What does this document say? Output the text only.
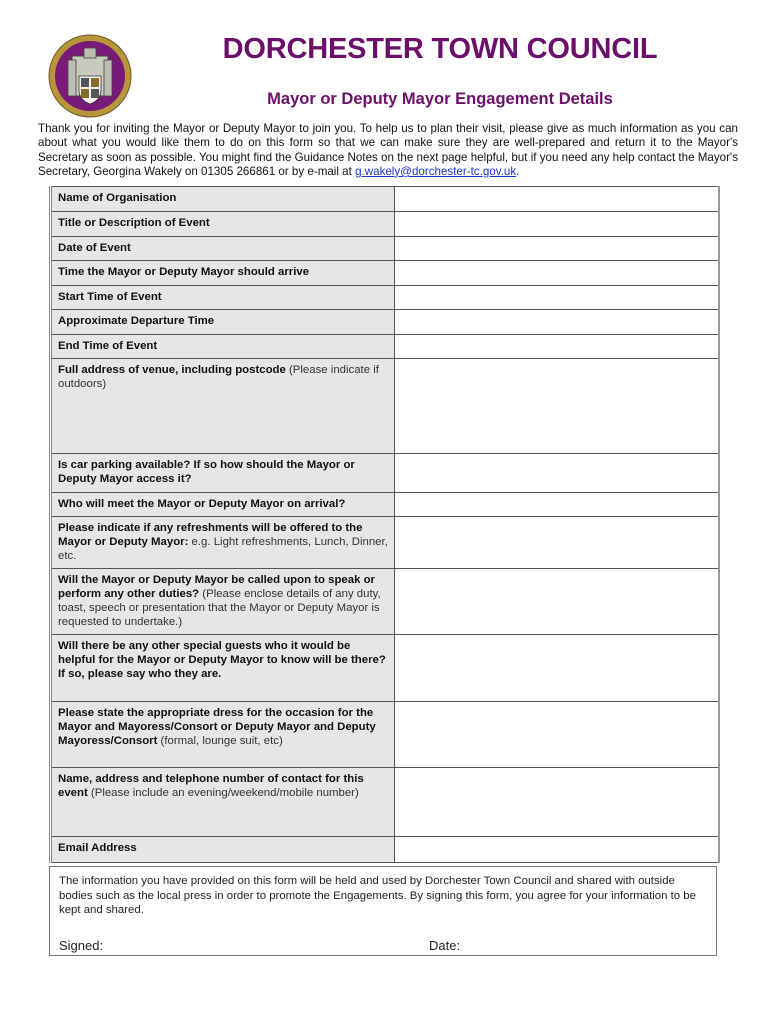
DORCHESTER TOWN COUNCIL
Mayor or Deputy Mayor Engagement Details
Thank you for inviting the Mayor or Deputy Mayor to join you. To help us to plan their visit, please give as much information as you can about what you would like them to do on this form so that we can make sure they are well-prepared and return it to the Mayor's Secretary as soon as possible. You might find the Guidance Notes on the next page helpful, but if you need any help contact the Mayor's Secretary, Georgina Wakely on 01305 266861 or by e-mail at g.wakely@dorchester-tc.gov.uk.
Name of Organisation	
Title or Description of Event	
Date of Event	
Time the Mayor or Deputy Mayor should arrive	
Start Time of Event	
Approximate Departure Time	
End Time of Event	
Full address of venue, including postcode (Please indicate if outdoors)	
Is car parking available? If so how should the Mayor or Deputy Mayor access it?	
Who will meet the Mayor or Deputy Mayor on arrival?	
Please indicate if any refreshments will be offered to the Mayor or Deputy Mayor: e.g. Light refreshments, Lunch, Dinner, etc.	
Will the Mayor or Deputy Mayor be called upon to speak or perform any other duties? (Please enclose details of any duty, toast, speech or presentation that the Mayor or Deputy Mayor is requested to undertake.)	
Will there be any other special guests who it would be helpful for the Mayor or Deputy Mayor to know will be there? If so, please say who they are.	
Please state the appropriate dress for the occasion for the Mayor and Mayoress/Consort or Deputy Mayor and Deputy Mayoress/Consort (formal, lounge suit, etc)	
Name, address and telephone number of contact for this event (Please include an evening/weekend/mobile number)	
Email Address	
The information you have provided on this form will be held and used by Dorchester Town Council and shared with outside bodies such as the local press in order to promote the Engagements. By signing this form, you agree for your information to be kept and shared.
Signed:	Date:
